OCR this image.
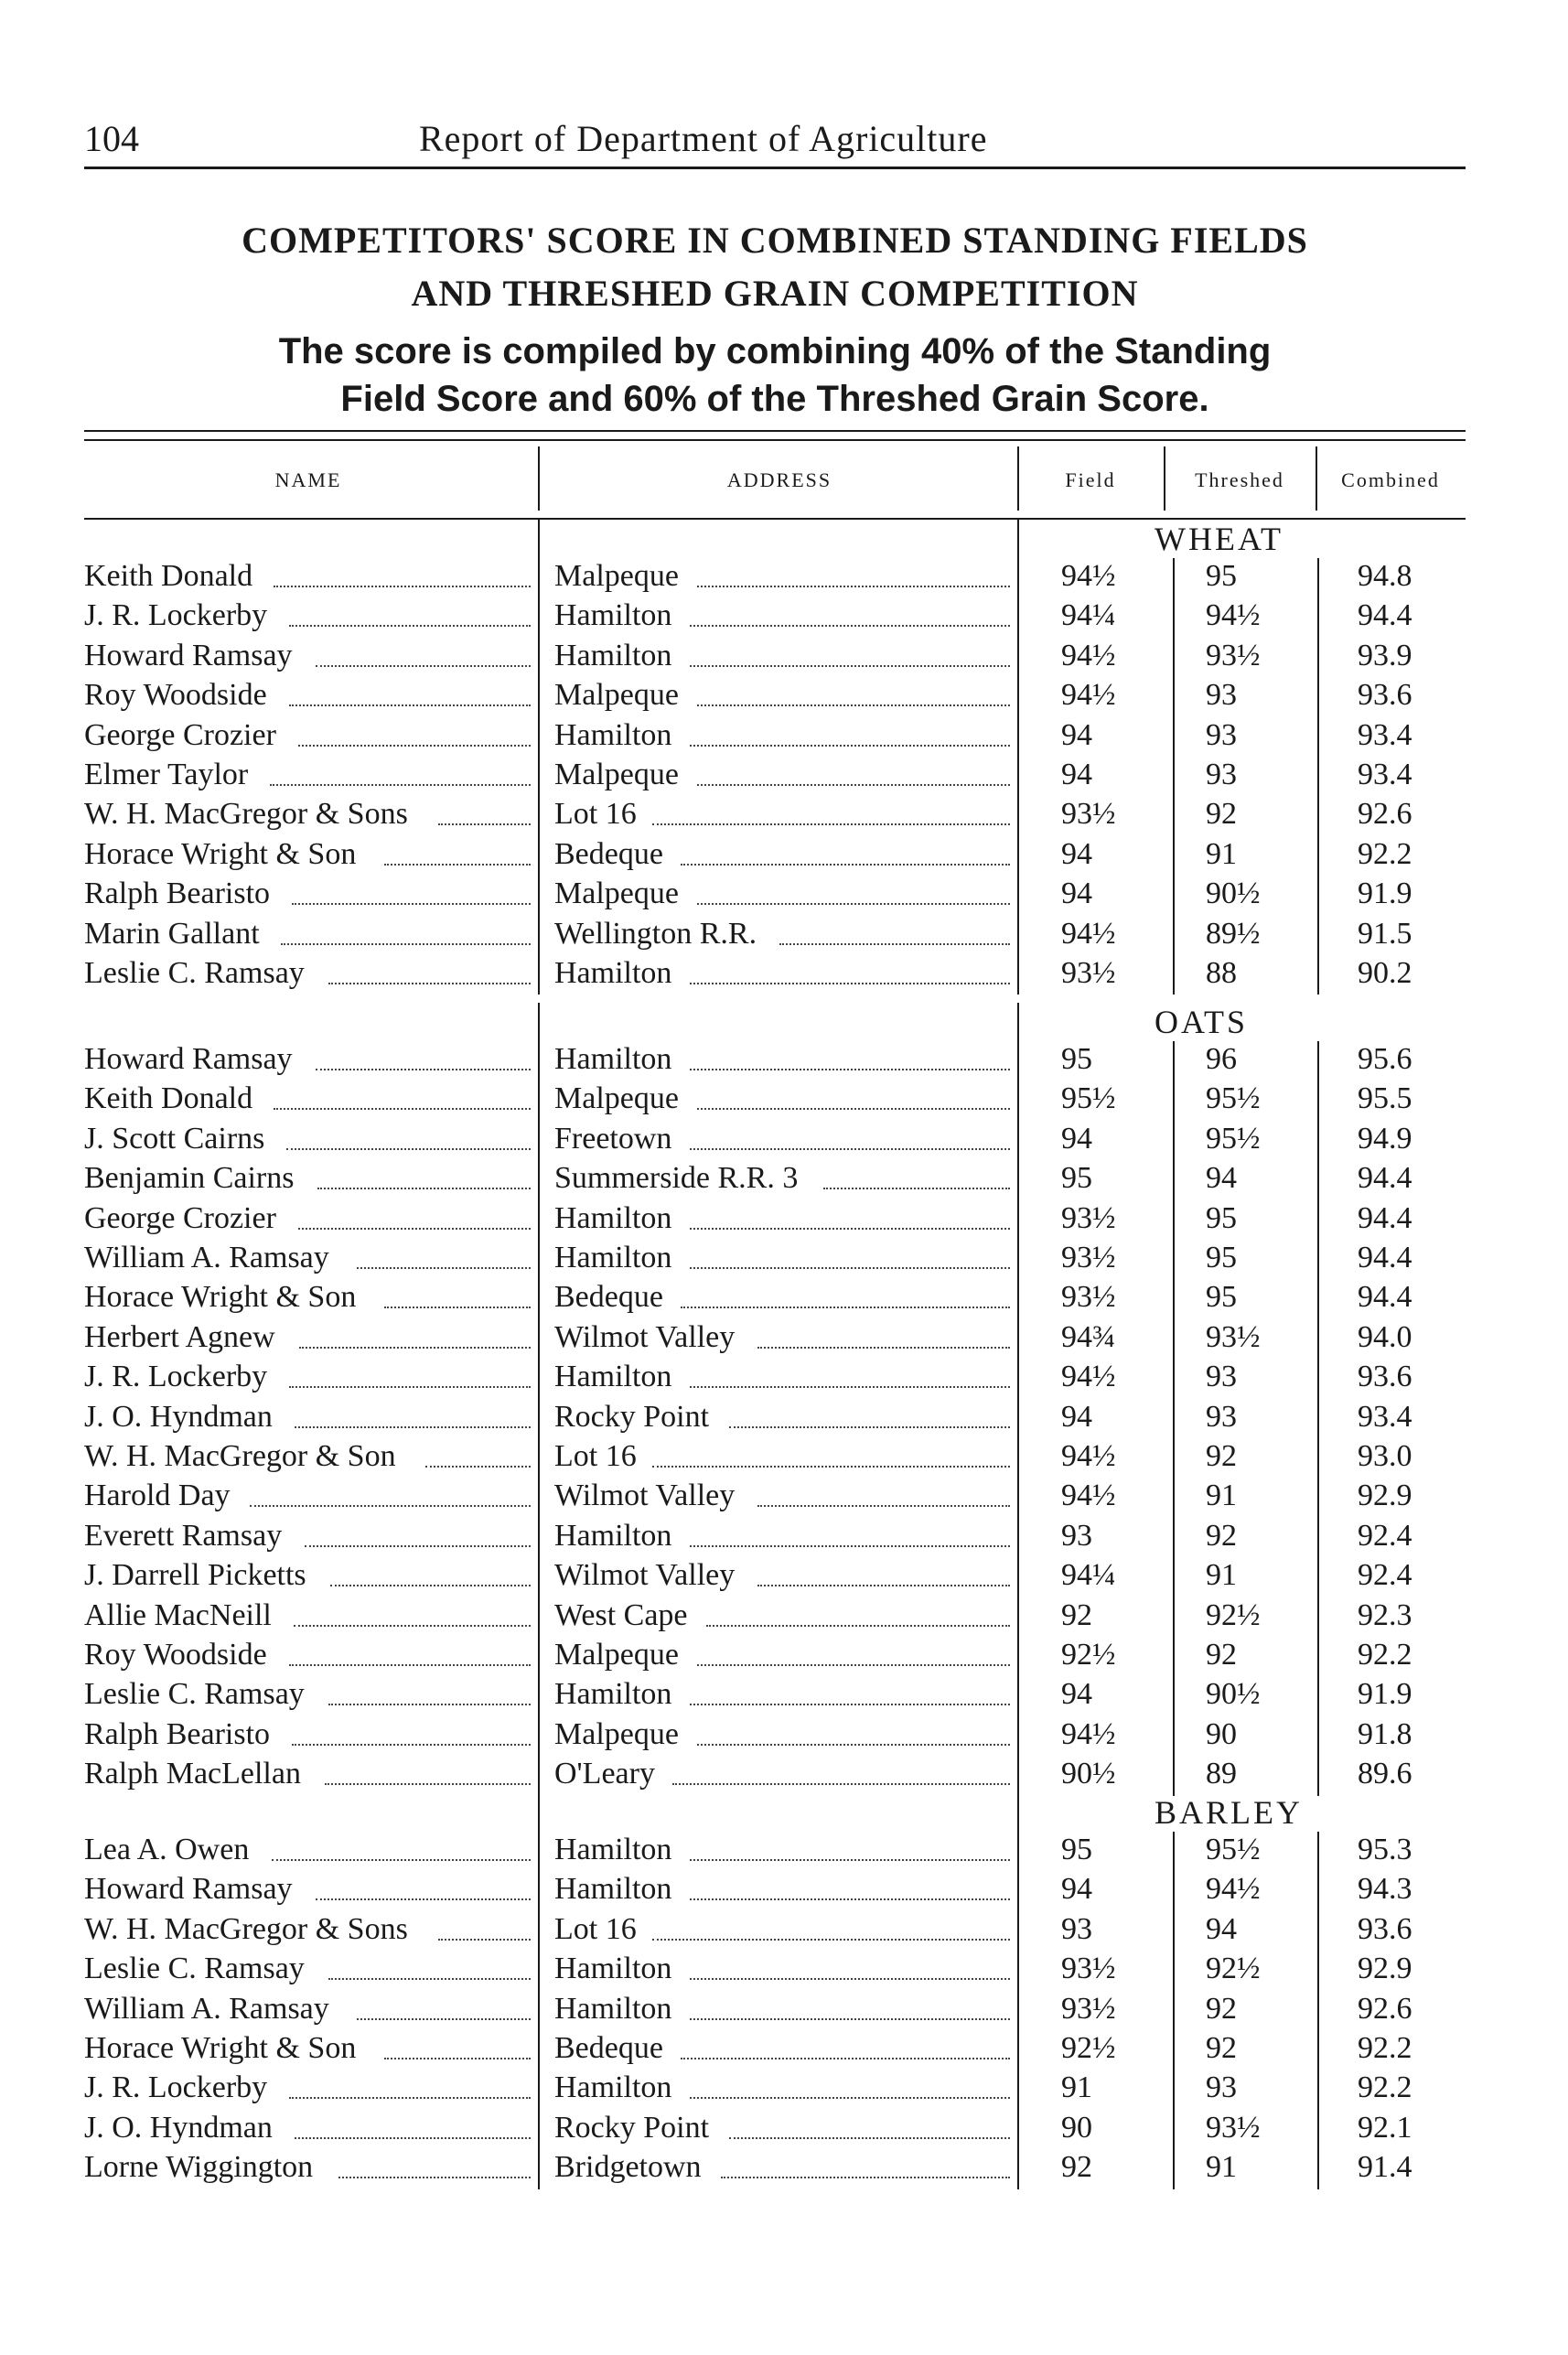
104	Report of Department of Agriculture
COMPETITORS' SCORE IN COMBINED STANDING FIELDS
AND THRESHED GRAIN COMPETITION
The score is compiled by combining 40% of the Standing
Field Score and 60% of the Threshed Grain Score.
NAME	ADDRESS	Field	Threshed	Combined
WHEAT
Keith Donald	Malpeque	94½	95	94.8
J. R. Lockerby	Hamilton	94¼	94½	94.4
Howard Ramsay	Hamilton	94½	93½	93.9
Roy Woodside	Malpeque	94½	93	93.6
George Crozier	Hamilton	94	93	93.4
Elmer Taylor	Malpeque	94	93	93.4
W. H. MacGregor & Sons	Lot 16	93½	92	92.6
Horace Wright & Son	Bedeque	94	91	92.2
Ralph Bearisto	Malpeque	94	90½	91.9
Marin Gallant	Wellington R.R.	94½	89½	91.5
Leslie C. Ramsay	Hamilton	93½	88	90.2
OATS
Howard Ramsay	Hamilton	95	96	95.6
Keith Donald	Malpeque	95½	95½	95.5
J. Scott Cairns	Freetown	94	95½	94.9
Benjamin Cairns	Summerside R.R. 3	95	94	94.4
George Crozier	Hamilton	93½	95	94.4
William A. Ramsay	Hamilton	93½	95	94.4
Horace Wright & Son	Bedeque	93½	95	94.4
Herbert Agnew	Wilmot Valley	94¾	93½	94.0
J. R. Lockerby	Hamilton	94½	93	93.6
J. O. Hyndman	Rocky Point	94	93	93.4
W. H. MacGregor & Son	Lot 16	94½	92	93.0
Harold Day	Wilmot Valley	94½	91	92.9
Everett Ramsay	Hamilton	93	92	92.4
J. Darrell Picketts	Wilmot Valley	94¼	91	92.4
Allie MacNeill	West Cape	92	92½	92.3
Roy Woodside	Malpeque	92½	92	92.2
Leslie C. Ramsay	Hamilton	94	90½	91.9
Ralph Bearisto	Malpeque	94½	90	91.8
Ralph MacLellan	O'Leary	90½	89	89.6
BARLEY
Lea A. Owen	Hamilton	95	95½	95.3
Howard Ramsay	Hamilton	94	94½	94.3
W. H. MacGregor & Sons	Lot 16	93	94	93.6
Leslie C. Ramsay	Hamilton	93½	92½	92.9
William A. Ramsay	Hamilton	93½	92	92.6
Horace Wright & Son	Bedeque	92½	92	92.2
J. R. Lockerby	Hamilton	91	93	92.2
J. O. Hyndman	Rocky Point	90	93½	92.1
Lorne Wiggington	Bridgetown	92	91	91.4
